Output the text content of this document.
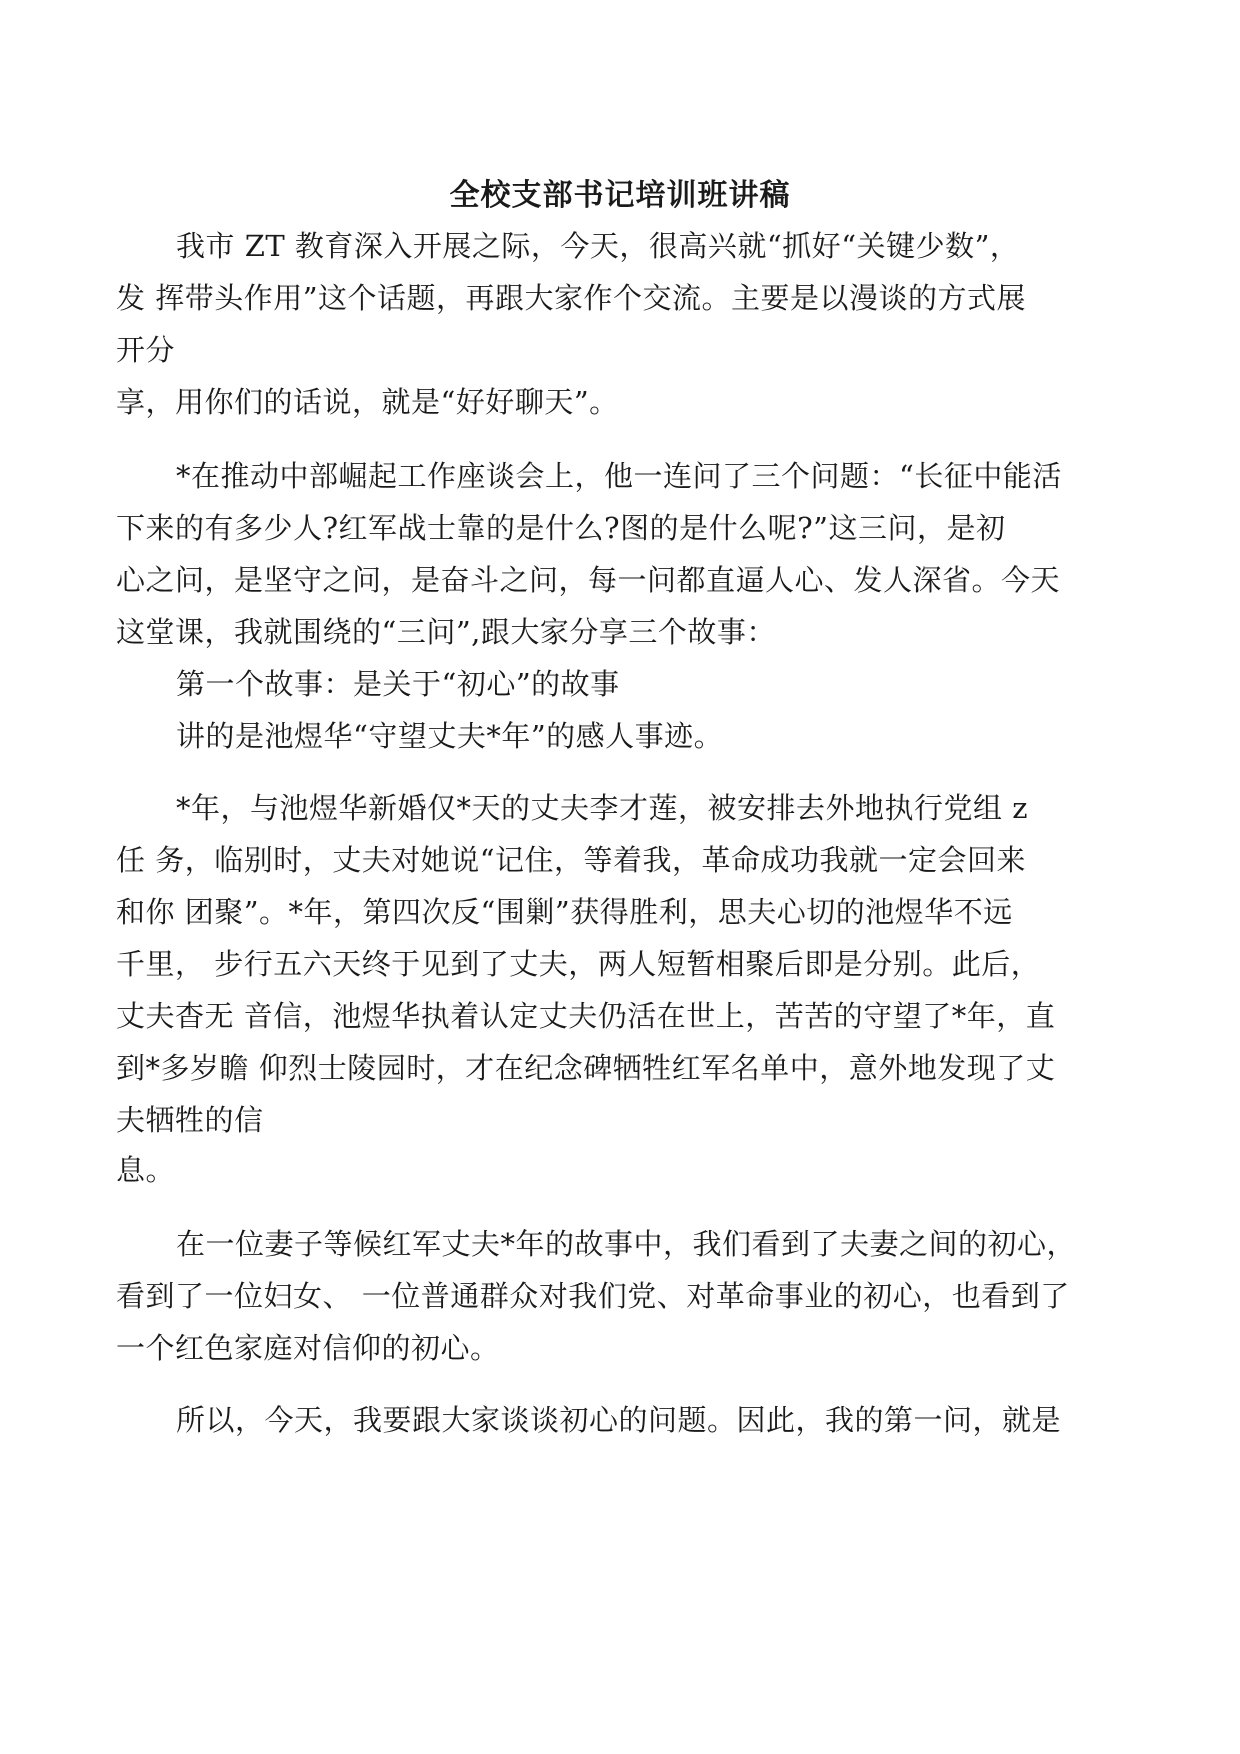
全校支部书记培训班讲稿
我市 ZT 教育深入开展之际，今天，很高兴就“抓好“关键少数”，
发 挥带头作用”这个话题，再跟大家作个交流。主要是以漫谈的方式展
开分
享，用你们的话说，就是“好好聊天”。
*在推动中部崛起工作座谈会上，他一连问了三个问题：“长征中能活
下来的有多少人?红军战士靠的是什么?图的是什么呢?”这三问，是初
心之问，是坚守之问，是奋斗之问，每一问都直逼人心、发人深省。今天
这堂课，我就围绕的“三问”,跟大家分享三个故事：
第一个故事：是关于“初心”的故事
讲的是池煜华“守望丈夫*年”的感人事迹。
*年，与池煜华新婚仅*天的丈夫李才莲，被安排去外地执行党组 z
任 务，临别时，丈夫对她说“记住，等着我，革命成功我就一定会回来
和你 团聚”。*年，第四次反“围剿”获得胜利，思夫心切的池煜华不远
千里， 步行五六天终于见到了丈夫，两人短暂相聚后即是分别。此后，
丈夫杳无 音信，池煜华执着认定丈夫仍活在世上，苦苦的守望了*年，直
到*多岁瞻 仰烈士陵园时，才在纪念碑牺牲红军名单中，意外地发现了丈
夫牺牲的信
息。
在一位妻子等候红军丈夫*年的故事中，我们看到了夫妻之间的初心，
看到了一位妇女、 一位普通群众对我们党、对革命事业的初心，也看到了
一个红色家庭对信仰的初心。
所以，今天，我要跟大家谈谈初心的问题。因此，我的第一问，就是
